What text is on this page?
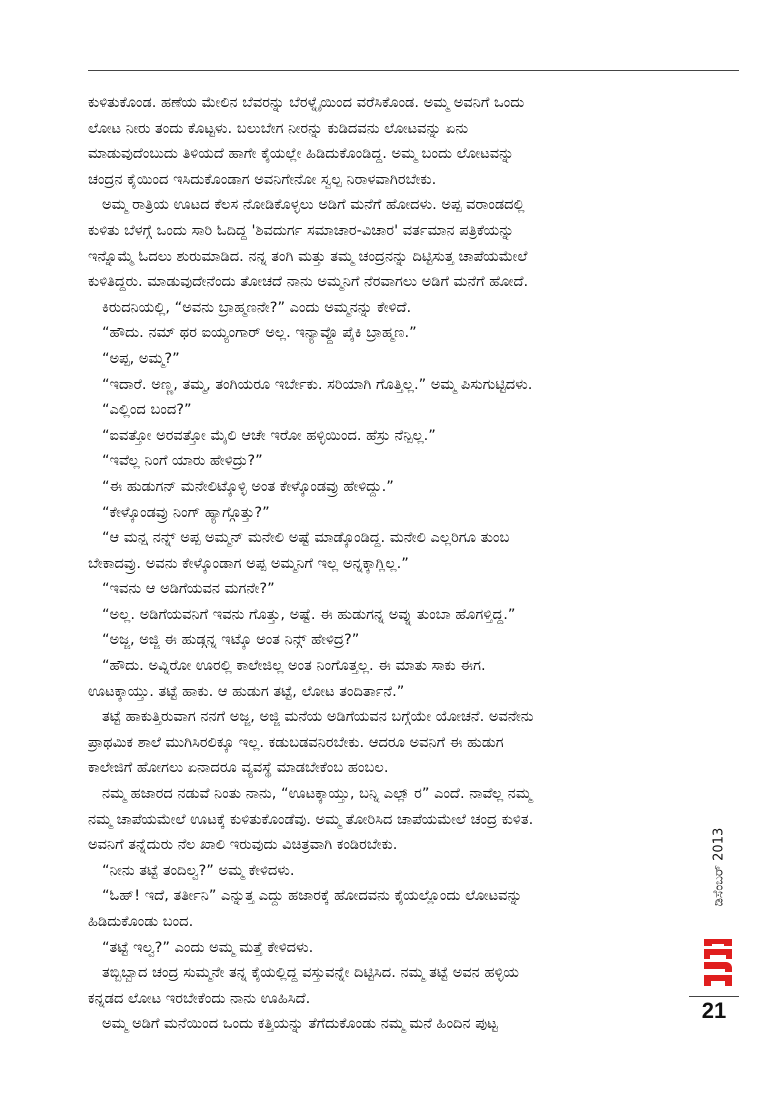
ಕುಳಿತುಕೊಂಡ. ಹಣೆಯ ಮೇಲಿನ ಬೆವರನ್ನು ಬೆರಳ್ನೈಯಿಂದ ವರೆಸಿಕೊಂಡ. ಅಮ್ಮ ಅವನಿಗೆ ಒಂದು
ಲೋಟ ನೀರು ತಂದು ಕೊಟ್ಟಳು. ಬಲುಬೇಗ ನೀರನ್ನು ಕುಡಿದವನು ಲೋಟವನ್ನು ಏನು
ಮಾಡುವುದೆಂಬುದು ತಿಳಿಯದೆ ಹಾಗೇ ಕೈಯಲ್ಲೇ ಹಿಡಿದುಕೊಂಡಿದ್ದ. ಅಮ್ಮ ಬಂದು ಲೋಟವನ್ನು
ಚಂದ್ರನ ಕೈಯಿಂದ ಇಸಿದುಕೊಂಡಾಗ ಅವನಿಗೇನೋ ಸ್ವಲ್ಪ ನಿರಾಳವಾಗಿರಬೇಕು.
ಅಮ್ಮ ರಾತ್ರಿಯ ಊಟದ ಕೆಲಸ ನೋಡಿಕೊಳ್ಳಲು ಅಡಿಗೆ ಮನೆಗೆ ಹೋದಳು. ಅಪ್ಪ ವರಾಂಡದಲ್ಲಿ
ಕುಳಿತು ಬೆಳಗ್ಗೆ ಒಂದು ಸಾರಿ ಓದಿದ್ದ 'ಶಿವದುರ್ಗ ಸಮಾಚಾರ-ವಿಚಾರ' ವರ್ತಮಾನ ಪತ್ರಿಕೆಯನ್ನು
ಇನ್ನೊಮ್ಮೆ ಓದಲು ಶುರುಮಾಡಿದ. ನನ್ನ ತಂಗಿ ಮತ್ತು ತಮ್ಮ ಚಂದ್ರನನ್ನು ದಿಟ್ಟಿಸುತ್ತ ಚಾಪೆಯಮೇಲೆ
ಕುಳಿತಿದ್ದರು. ಮಾಡುವುದೇನೆಂದು ತೋಚದೆ ನಾನು ಅಮ್ಮನಿಗೆ ನೆರವಾಗಲು ಅಡಿಗೆ ಮನೆಗೆ ಹೋದೆ.
ಕಿರುದನಿಯಲ್ಲಿ, “ಅವನು ಬ್ರಾಹ್ಮಣನೇ?” ಎಂದು ಅಮ್ಮನನ್ನು ಕೇಳಿದೆ.
“ಹೌದು. ನಮ್ ಥರ ಐಯ್ಯಂಗಾರ್ ಅಲ್ಲ. ಇನ್ಯಾವ್ದೊ ಪೈಕಿ ಬ್ರಾಹ್ಮಣ.”
“ಅಪ್ಪ, ಅಮ್ಮ?”
“ಇದಾರೆ. ಅಣ್ಣ, ತಮ್ಮ, ತಂಗಿಯರೂ ಇರ್ಬೇಕು. ಸರಿಯಾಗಿ ಗೊತ್ತಿಲ್ಲ.” ಅಮ್ಮ ಪಿಸುಗುಟ್ಟಿದಳು.
“ಎಲ್ಲಿಂದ ಬಂದ?”
“ಐವತ್ತೋ ಅರವತ್ತೋ ಮೈಲಿ ಆಚೇ ಇರೋ ಹಳ್ಳಿಯಿಂದ. ಹೆಸ್ರು ನೆನ್ಪಿಲ್ಲ.”
“ಇವೆಲ್ಲ ನಿಂಗೆ ಯಾರು ಹೇಳಿದ್ರು?”
“ಈ ಹುಡುಗನ್ ಮನೇಲಿಟ್ಕೊಳ್ಳಿ ಅಂತ ಕೇಳ್ಕೊಂಡವ್ರು ಹೇಳಿದ್ದು.”
“ಕೇಳ್ಕೊಂಡವ್ರು ನಿಂಗ್ ಹ್ಯಾಗ್ಗೊತ್ತು?”
“ಆ ಮನ್ಷ ನನ್ನ್ ಅಪ್ಪ ಅಮ್ಮನ್ ಮನೇಲಿ ಅಷ್ಟೆ ಮಾಡ್ಕೊಂಡಿದ್ದ. ಮನೇಲಿ ಎಲ್ಲರಿಗೂ ತುಂಬ
ಬೇಕಾದವ್ರು. ಅವನು ಕೇಳ್ಕೊಂಡಾಗ ಅಪ್ಪ ಅಮ್ಮನಿಗೆ ಇಲ್ಲ ಅನ್ನಕ್ಕಾಗ್ಲಿಲ್ಲ.”
“ಇವನು ಆ ಅಡಿಗೆಯವನ ಮಗನೇ?”
“ಅಲ್ಲ. ಅಡಿಗೆಯವನಿಗೆ ಇವನು ಗೊತ್ತು, ಅಷ್ಟೆ. ಈ ಹುಡುಗನ್ನ ಅವ್ನು ತುಂಬಾ ಹೊಗಳ್ತಿದ್ದ.”
“ಅಜ್ಜ, ಅಜ್ಜಿ ಈ ಹುಡ್ಗನ್ನ ಇಟ್ಕೊ ಅಂತ ನಿನ್ಗ್ ಹೇಳಿದ್ರ?”
“ಹೌದು. ಅವ್ನಿರೋ ಊರಲ್ಲಿ ಕಾಲೇಜಿಲ್ಲ ಅಂತ ನಿಂಗೊತ್ತಲ್ಲ. ಈ ಮಾತು ಸಾಕು ಈಗ.
ಊಟಕ್ಕಾಯ್ತು. ತಟ್ಟೆ ಹಾಕು. ಆ ಹುಡುಗ ತಟ್ಟೆ, ಲೋಟ ತಂದಿರ್ತಾನೆ.”
ತಟ್ಟೆ ಹಾಕುತ್ತಿರುವಾಗ ನನಗೆ ಅಜ್ಜ, ಅಜ್ಜಿ ಮನೆಯ ಅಡಿಗೆಯವನ ಬಗ್ಗೆಯೇ ಯೋಚನೆ. ಅವನೇನು
ಪ್ರಾಥಮಿಕ ಶಾಲೆ ಮುಗಿಸಿರಲಿಕ್ಕೂ ಇಲ್ಲ. ಕಡುಬಡವನಿರಬೇಕು. ಆದರೂ ಅವನಿಗೆ ಈ ಹುಡುಗ
ಕಾಲೇಜಿಗೆ ಹೋಗಲು ಏನಾದರೂ ವ್ಯವಸ್ಥೆ ಮಾಡಬೇಕೆಂಬ ಹಂಬಲ.
ನಮ್ಮ ಹಜಾರದ ನಡುವೆ ನಿಂತು ನಾನು, “ಊಟಕ್ಕಾಯ್ತು, ಬನ್ನಿ ಎಲ್ಲಾ್ರ” ಎಂದೆ. ನಾವೆಲ್ಲ ನಮ್ಮ
ನಮ್ಮ ಚಾಪೆಯಮೇಲೆ ಊಟಕ್ಕೆ ಕುಳಿತುಕೊಂಡೆವು. ಅಮ್ಮ ತೋರಿಸಿದ ಚಾಪೆಯಮೇಲೆ ಚಂದ್ರ ಕುಳಿತ.
ಅವನಿಗೆ ತನ್ನೆದುರು ನೆಲ ಖಾಲಿ ಇರುವುದು ವಿಚಿತ್ರವಾಗಿ ಕಂಡಿರಬೇಕು.
“ನೀನು ತಟ್ಟೆ ತಂದಿಲ್ವ?” ಅಮ್ಮ ಕೇಳಿದಳು.
“ಓಹ್! ಇದೆ, ತರ್ತೀನಿ” ಎನ್ನುತ್ತ ಎದ್ದು ಹಜಾರಕ್ಕೆ ಹೋದವನು ಕೈಯಲ್ಲೊಂದು ಲೋಟವನ್ನು
ಹಿಡಿದುಕೊಂಡು ಬಂದ.
“ತಟ್ಟೆ ಇಲ್ವ?” ಎಂದು ಅಮ್ಮ ಮತ್ತೆ ಕೇಳಿದಳು.
ತಬ್ಬಿಬ್ಬಾದ ಚಂದ್ರ ಸುಮ್ಮನೇ ತನ್ನ ಕೈಯಲ್ಲಿದ್ದ ವಸ್ತುವನ್ನೇ ದಿಟ್ಟಿಸಿದ. ನಮ್ಮ ತಟ್ಟೆ ಅವನ ಹಳ್ಳಿಯ
ಕನ್ನಡದ ಲೋಟ ಇರಬೇಕೆಂದು ನಾನು ಊಹಿಸಿದೆ.
ಅಮ್ಮ ಅಡಿಗೆ ಮನೆಯಿಂದ ಒಂದು ಕತ್ತಿಯನ್ನು ತೆಗೆದುಕೊಂಡು ನಮ್ಮ ಮನೆ ಹಿಂದಿನ ಪುಟ್ಟ
ಡಿಸೆಂಬರ್ 2013
21
